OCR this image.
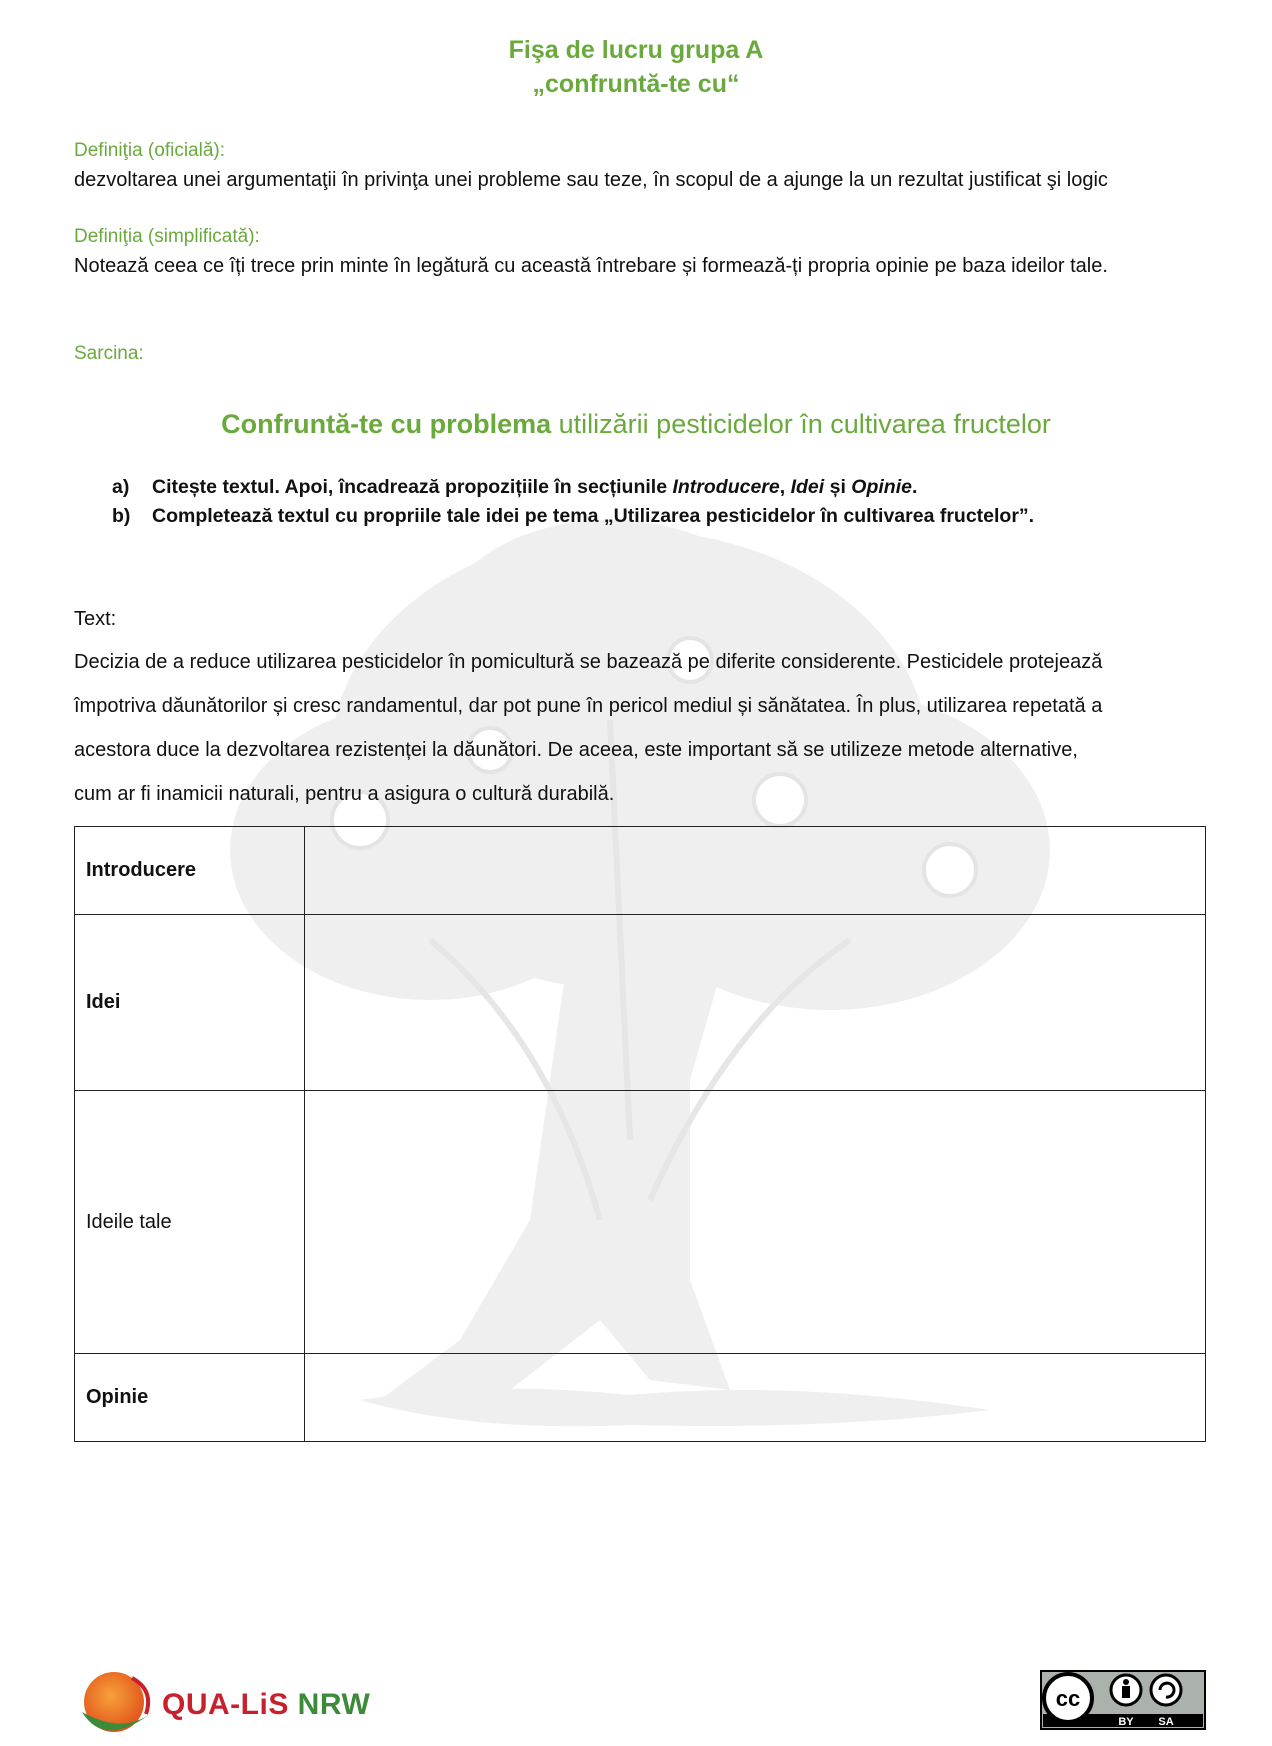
Fişa de lucru grupa A
„confruntă-te cu“
Definiţia (oficială):
dezvoltarea unei argumentaţii în privinţa unei probleme sau teze, în scopul de a ajunge la un rezultat justificat şi logic
Definiţia (simplificată):
Notează ceea ce îți trece prin minte în legătură cu această întrebare și formează-ți propria opinie pe baza ideilor tale.
Sarcina:
Confruntă-te cu problema utilizării pesticidelor în cultivarea fructelor
a) Citește textul. Apoi, încadrează propozițiile în secțiunile Introducere, Idei și Opinie.
b) Completează textul cu propriile tale idei pe tema „Utilizarea pesticidelor în cultivarea fructelor”.
Text:
Decizia de a reduce utilizarea pesticidelor în pomicultură se bazează pe diferite considerente. Pesticidele protejează
împotriva dăunătorilor și cresc randamentul, dar pot pune în pericol mediul și sănătatea. În plus, utilizarea repetată a
acestora duce la dezvoltarea rezistenței la dăunători. De aceea, este important să se utilizeze metode alternative,
cum ar fi inamicii naturali, pentru a asigura o cultură durabilă.
Introducere	
Idei	
Ideile tale	
Opinie	
QUA-LiS NRW	cc
BY SA
